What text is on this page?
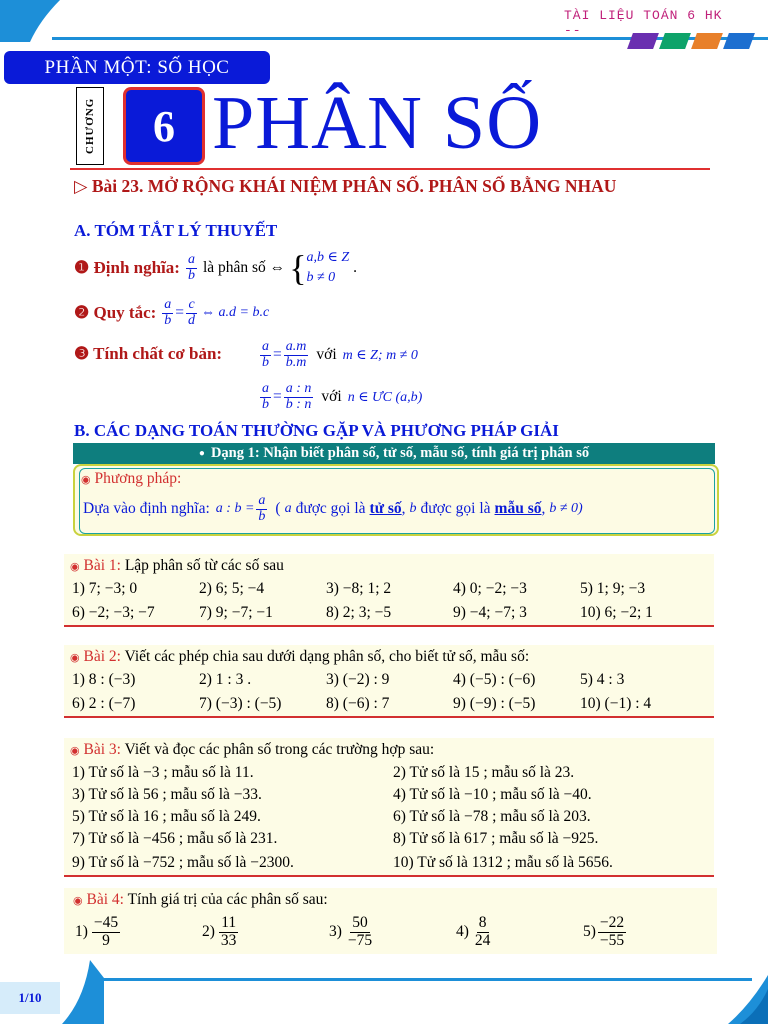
TÀI LIỆU TOÁN 6 HK
--
PHẦN MỘT: SỐ HỌC
CHƯƠNG	6 PHÂN SỐ
▷ Bài 23. MỞ RỘNG KHÁI NIỆM PHÂN SỐ. PHÂN SỐ BẰNG NHAU
A. TÓM TẮT LÝ THUYẾT
❶ Định nghĩa: $\frac{a}{b}$ là phân số ⇔ { a,b ∈ Z
b ≠ 0
.
❷ Quy tắc: $\frac{a}{b} = \frac{c}{d}$ ⇔ a.d = b.c
❸ Tính chất cơ bản:	$\frac{a}{b} = \frac{a.m}{b.m}$ với m ∈ Z; m ≠ 0
$\frac{a}{b} = \frac{a : n}{b : n}$ với n ∈ ƯC (a,b)
B. CÁC DẠNG TOÁN THƯỜNG GẶP VÀ PHƯƠNG PHÁP GIẢI
● Dạng 1: Nhận biết phân số, tử số, mẫu số, tính giá trị phân số
◉ Phương pháp:
Dựa vào định nghĩa: a : $b = \frac{a}{b}$ ( a được gọi là tử số , b được gọi là mẫu số , b ≠ 0)
◉ Bài 1: Lập phân số từ các số sau
1) 7; −3; 0	2) 6; 5; −4	3) −8; 1; 2	4) 0; −2; −3	5) 1; 9; −3
6) −2; −3; −7	7) 9; −7; −1	8) 2; 3; −5	9) −4; −7; 3	10) 6; −2; 1
◉ Bài 2: Viết các phép chia sau dưới dạng phân số, cho biết tử số, mẫu số:
1) 8 : (−3)	2) 1 : 3 .	3) (−2) : 9	4) (−5) : (−6)	5) 4 : 3
6) 2 : (−7)	7) (−3) : (−5)	8) (−6) : 7	9) (−9) : (−5)	10) (−1) : 4
◉ Bài 3: Viết và đọc các phân số trong các trường hợp sau:
1) Tử số là −3 ; mẫu số là 11.	2) Tử số là 15 ; mẫu số là 23.
3) Tử số là 56 ; mẫu số là −33.	4) Tử số là −10 ; mẫu số là −40.
5) Tử số là 16 ; mẫu số là 249.	6) Tử số là −78 ; mẫu số là 203.
7) Tử số là −456 ; mẫu số là 231.	8) Tử số là 617 ; mẫu số là −925.
9) Tử số là −752 ; mẫu số là −2300.	10) Tử số là 1312 ; mẫu số là 5656.
◉ Bài 4: Tính giá trị của các phân số sau:
$1) \frac{-45}{9}$	$2) \frac{11}{33}$	$3) \frac{50}{-75}$	$4) \frac{8}{24}$	$5) \frac{-22}{-55}$
1/10
